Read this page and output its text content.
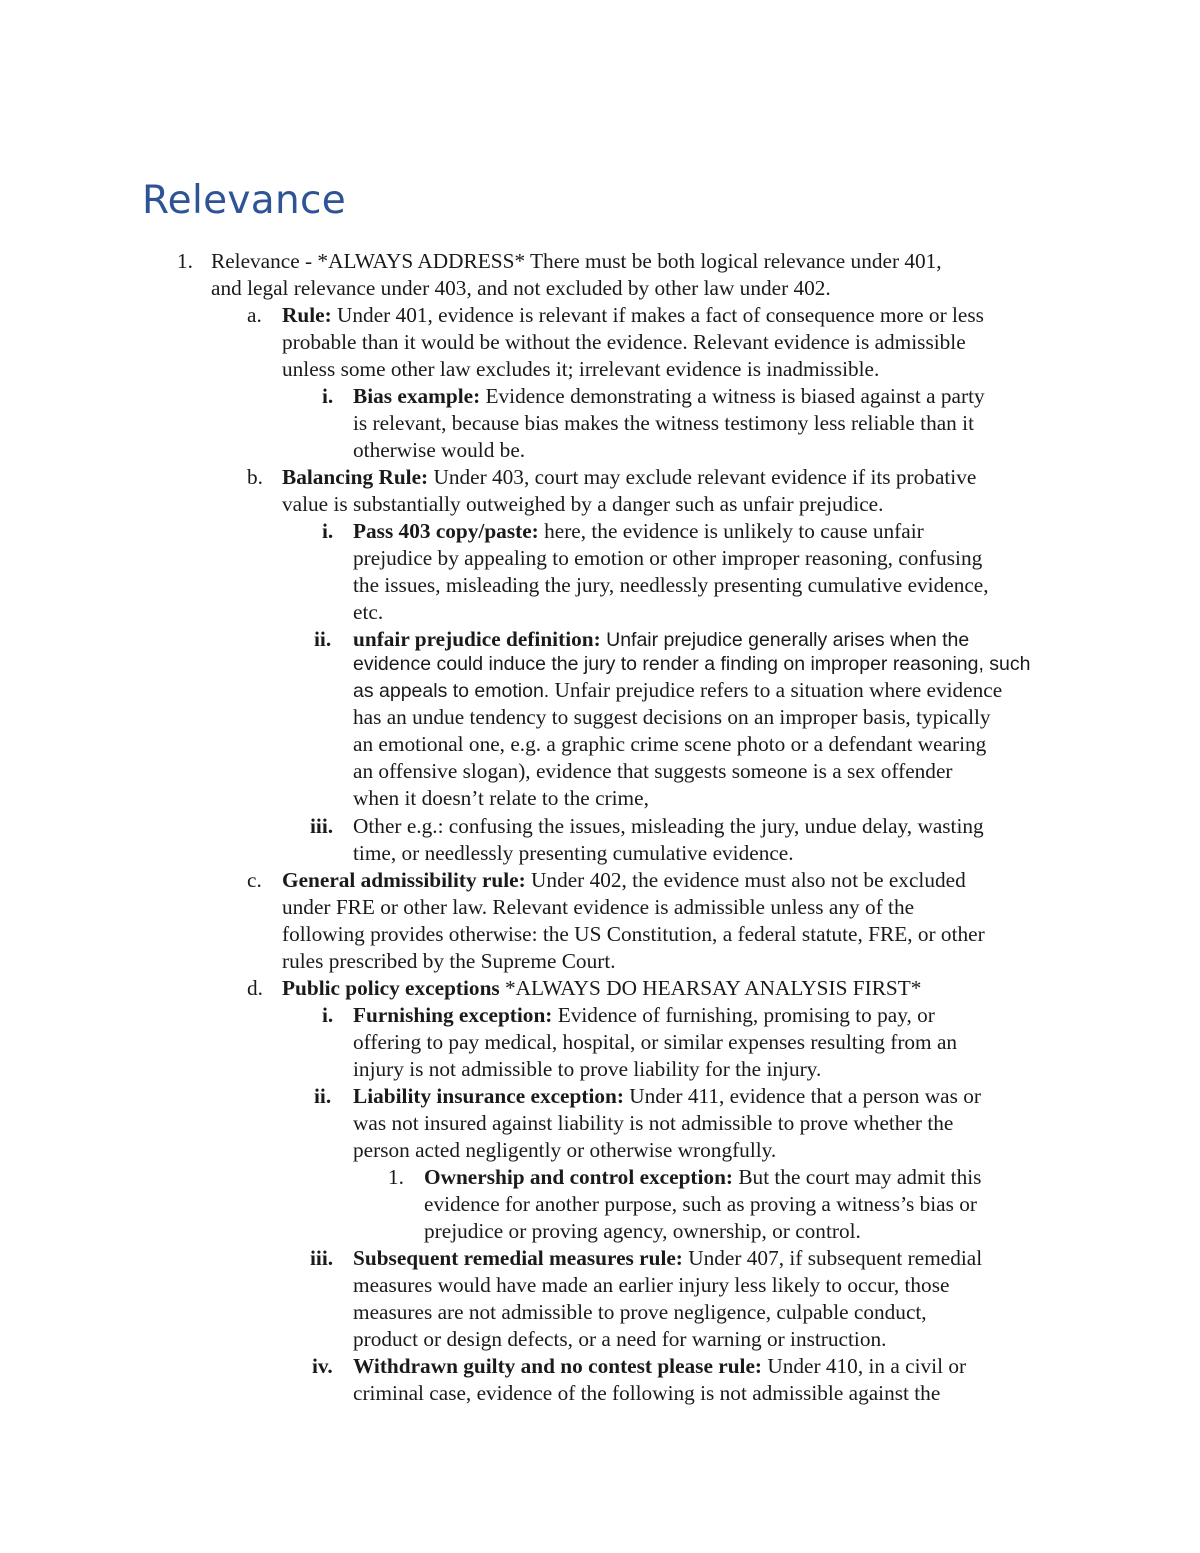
Relevance
1. Relevance - *ALWAYS ADDRESS* There must be both logical relevance under 401,
and legal relevance under 403, and not excluded by other law under 402.
a. Rule: Under 401, evidence is relevant if makes a fact of consequence more or less
probable than it would be without the evidence. Relevant evidence is admissible
unless some other law excludes it; irrelevant evidence is inadmissible.
i. Bias example: Evidence demonstrating a witness is biased against a party
is relevant, because bias makes the witness testimony less reliable than it
otherwise would be.
b. Balancing Rule: Under 403, court may exclude relevant evidence if its probative
value is substantially outweighed by a danger such as unfair prejudice.
i. Pass 403 copy/paste: here, the evidence is unlikely to cause unfair
prejudice by appealing to emotion or other improper reasoning, confusing
the issues, misleading the jury, needlessly presenting cumulative evidence,
etc.
ii. unfair prejudice definition: Unfair prejudice generally arises when the
evidence could induce the jury to render a finding on improper reasoning, such
as appeals to emotion. Unfair prejudice refers to a situation where evidence
has an undue tendency to suggest decisions on an improper basis, typically
an emotional one, e.g. a graphic crime scene photo or a defendant wearing
an offensive slogan), evidence that suggests someone is a sex offender
when it doesn’t relate to the crime,
iii. Other e.g.: confusing the issues, misleading the jury, undue delay, wasting
time, or needlessly presenting cumulative evidence.
c. General admissibility rule: Under 402, the evidence must also not be excluded
under FRE or other law. Relevant evidence is admissible unless any of the
following provides otherwise: the US Constitution, a federal statute, FRE, or other
rules prescribed by the Supreme Court.
d. Public policy exceptions *ALWAYS DO HEARSAY ANALYSIS FIRST*
i. Furnishing exception: Evidence of furnishing, promising to pay, or
offering to pay medical, hospital, or similar expenses resulting from an
injury is not admissible to prove liability for the injury.
ii. Liability insurance exception: Under 411, evidence that a person was or
was not insured against liability is not admissible to prove whether the
person acted negligently or otherwise wrongfully.
1. Ownership and control exception: But the court may admit this
evidence for another purpose, such as proving a witness’s bias or
prejudice or proving agency, ownership, or control.
iii. Subsequent remedial measures rule: Under 407, if subsequent remedial
measures would have made an earlier injury less likely to occur, those
measures are not admissible to prove negligence, culpable conduct,
product or design defects, or a need for warning or instruction.
iv. Withdrawn guilty and no contest please rule: Under 410, in a civil or
criminal case, evidence of the following is not admissible against the
